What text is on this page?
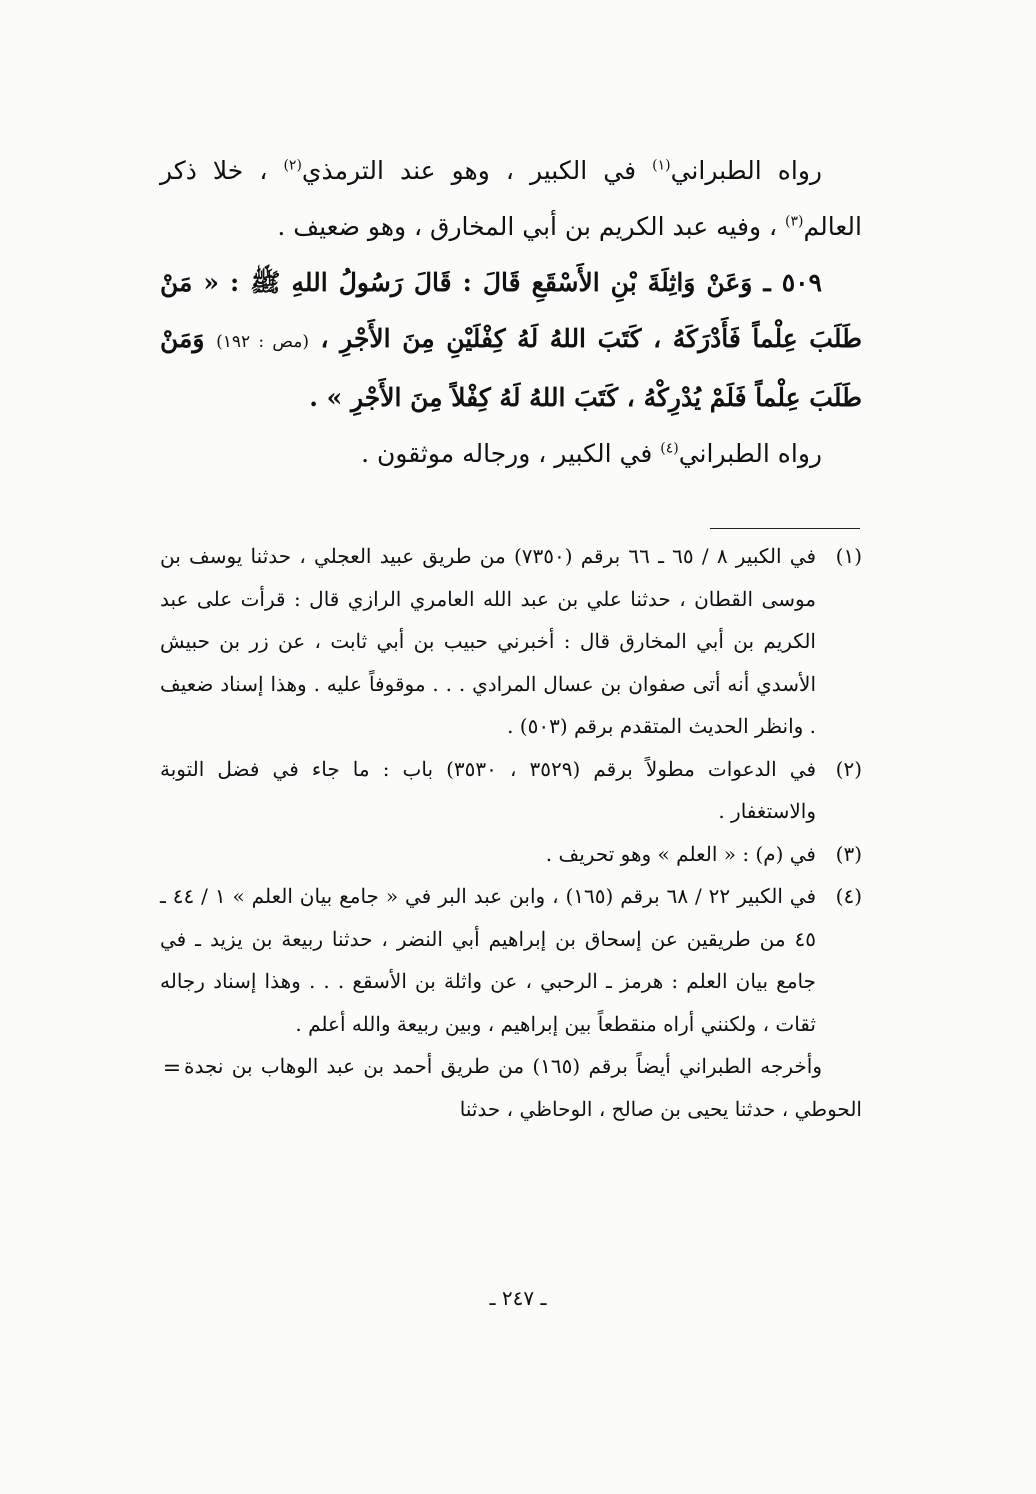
رواه الطبراني$^{(١)}$ في الكبير ، وهو عند الترمذي$^{(٢)}$ ، خلا ذكر العالم$^{(٣)}$ ، وفيه عبد الكريم بن أبي المخارق ، وهو ضعيف .

٥٠٩ ـ وَعَنْ وَاثِلَةَ بْنِ الأَسْقَعِ قَالَ : قَالَ رَسُولُ اللهِ ﷺ : « مَنْ طَلَبَ عِلْماً فَأَدْرَكَهُ ، كَتَبَ اللهُ لَهُ كِفْلَيْنِ مِنَ الأَجْرِ ، (مص : ١٩٢) وَمَنْ طَلَبَ عِلْماً فَلَمْ يُدْرِكْهُ ، كَتَبَ اللهُ لَهُ كِفْلاً مِنَ الأَجْرِ » .

رواه الطبراني$^{(٤)}$ في الكبير ، ورجاله موثقون .

(١)
في الكبير ٨ / ٦٥ ـ ٦٦ برقم (٧٣٥٠) من طريق عبيد العجلي ، حدثنا يوسف بن موسى القطان ، حدثنا علي بن عبد الله العامري الرازي قال : قرأت على عبد الكريم بن أبي المخارق قال : أخبرني حبيب بن أبي ثابت ، عن زر بن حبيش الأسدي أنه أتى صفوان بن عسال المرادي . . . موقوفاً عليه . وهذا إسناد ضعيف . وانظر الحديث المتقدم برقم (٥٠٣) .
(٢)
في الدعوات مطولاً برقم (٣٥٢٩ ، ٣٥٣٠) باب : ما جاء في فضل التوبة والاستغفار .
(٣)
في (م) : « العلم » وهو تحريف .
(٤)
في الكبير ٢٢ / ٦٨ برقم (١٦٥) ، وابن عبد البر في « جامع بيان العلم » ١ / ٤٤ ـ ٤٥ من طريقين عن إسحاق بن إبراهيم أبي النضر ، حدثنا ربيعة بن يزيد ـ في جامع بيان العلم : هرمز ـ الرحبي ، عن واثلة بن الأسقع . . . وهذا إسناد رجاله ثقات ، ولكنني أراه منقطعاً بين إبراهيم ، وبين ربيعة والله أعلم .

وأخرجه الطبراني أيضاً برقم (١٦٥) من طريق أحمد بن عبد الوهاب بن نجدة الحوطي ، حدثنا يحيى بن صالح ، الوحاظي ، حدثنا

=
ـ ٢٤٧ ـ
